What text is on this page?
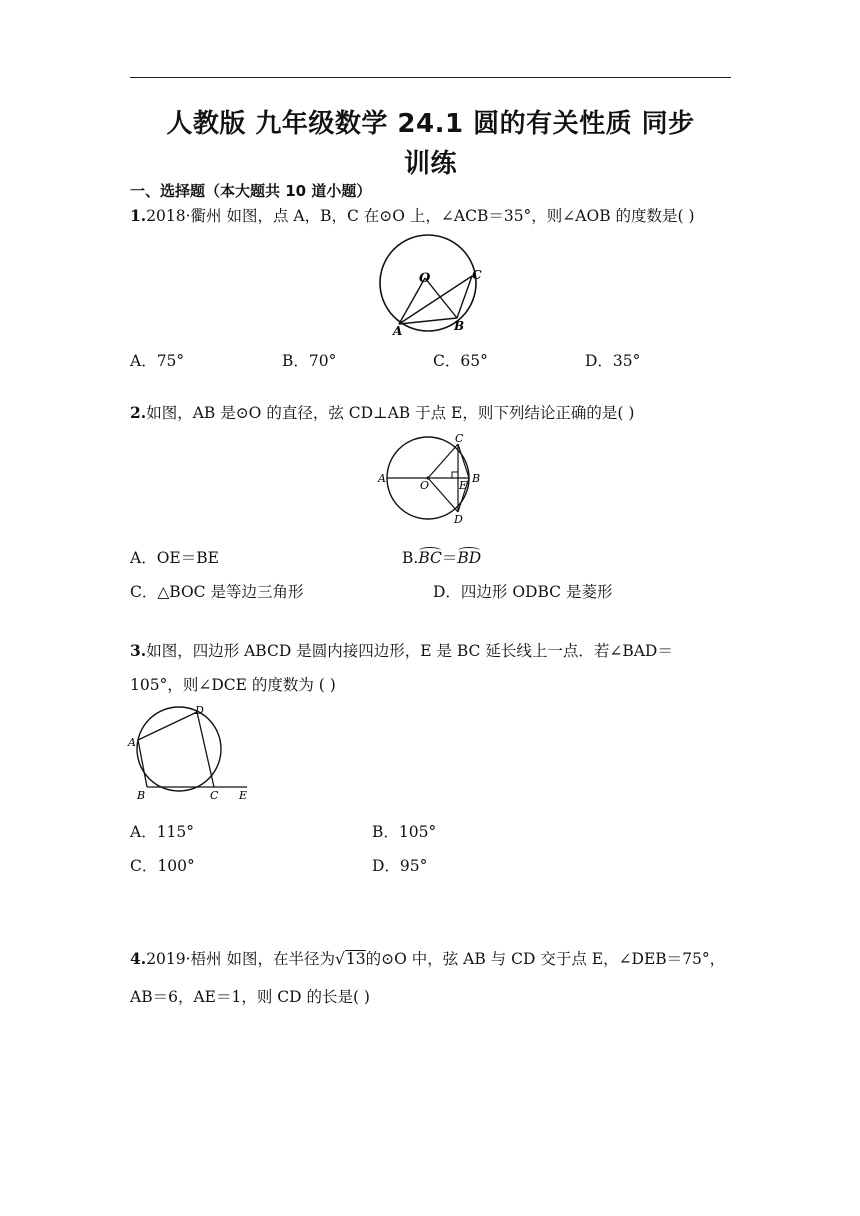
人教版 九年级数学 24.1 圆的有关性质 同步
训练
一、选择题（本大题共 10 道小题）
1.2018·衢州 如图，点 A，B，C 在⊙O 上，∠ACB＝35°，则∠AOB 的度数是( )
O	C
A	B
A．75°	B．70°	C．65°	D．35°
2.如图，AB 是⊙O 的直径，弦 CD⊥AB 于点 E，则下列结论正确的是( )
A
O	E
B
C
D
A．OE＝BE	B.BC＝BD
C．△BOC 是等边三角形	D．四边形 ODBC 是菱形
3.如图，四边形 ABCD 是圆内接四边形，E 是 BC 延长线上一点．若∠BAD＝
105°，则∠DCE 的度数为 ( )
A
D
B	C E
A．115°	B．105°
C．100°	D．95°
4.2019·梧州 如图，在半径为√13的⊙O 中，弦 AB 与 CD 交于点 E，∠DEB＝75°，
AB＝6，AE＝1，则 CD 的长是( )
